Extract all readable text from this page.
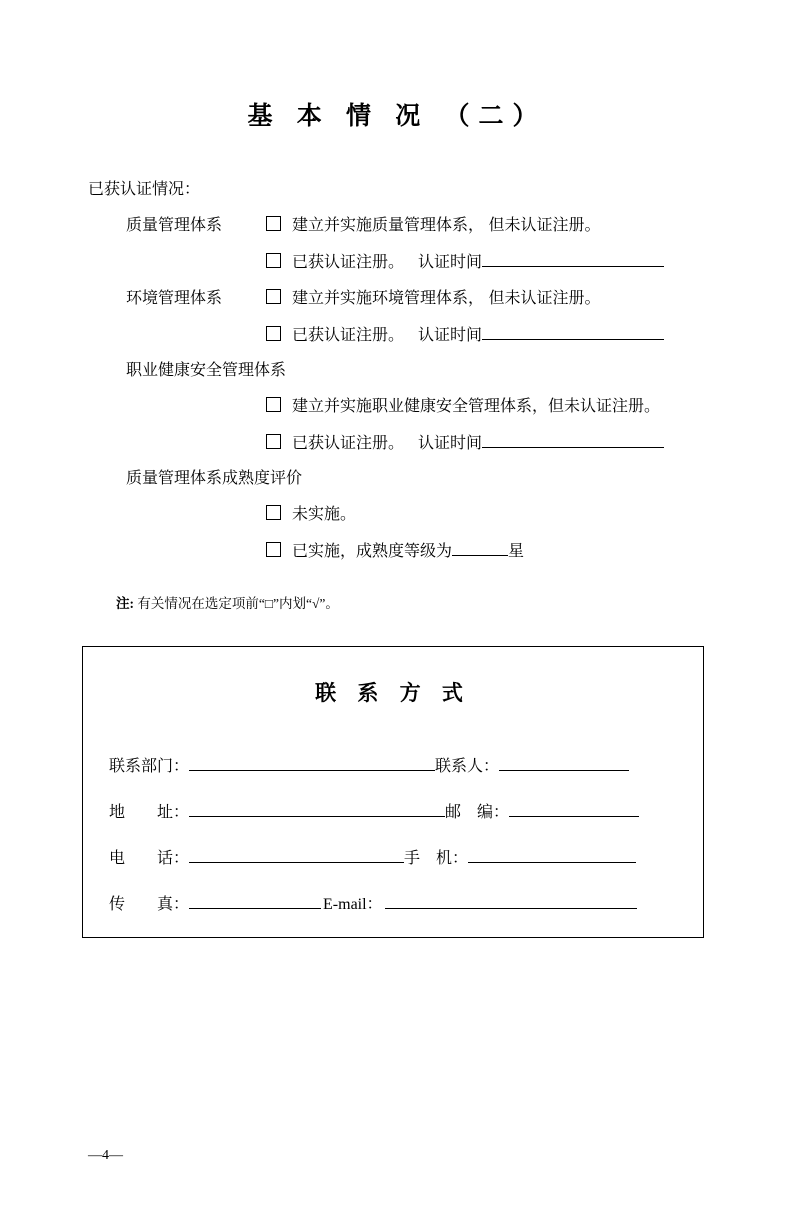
基 本 情 况 （二）
已获认证情况：
质量管理体系	建立并实施质量管理体系， 但未认证注册。
已获认证注册。 认证时间
环境管理体系	建立并实施环境管理体系， 但未认证注册。
已获认证注册。 认证时间
职业健康安全管理体系
建立并实施职业健康安全管理体系，但未认证注册。
已获认证注册。 认证时间
质量管理体系成熟度评价
未实施。
已实施，成熟度等级为	星
注: 有关情况在选定项前“□”内划“√”。
联 系 方 式
联系部门：	联系人：
地　　址：	邮　编：
电　　话：	手　机：
传　　真：	E-mail：
—4—
